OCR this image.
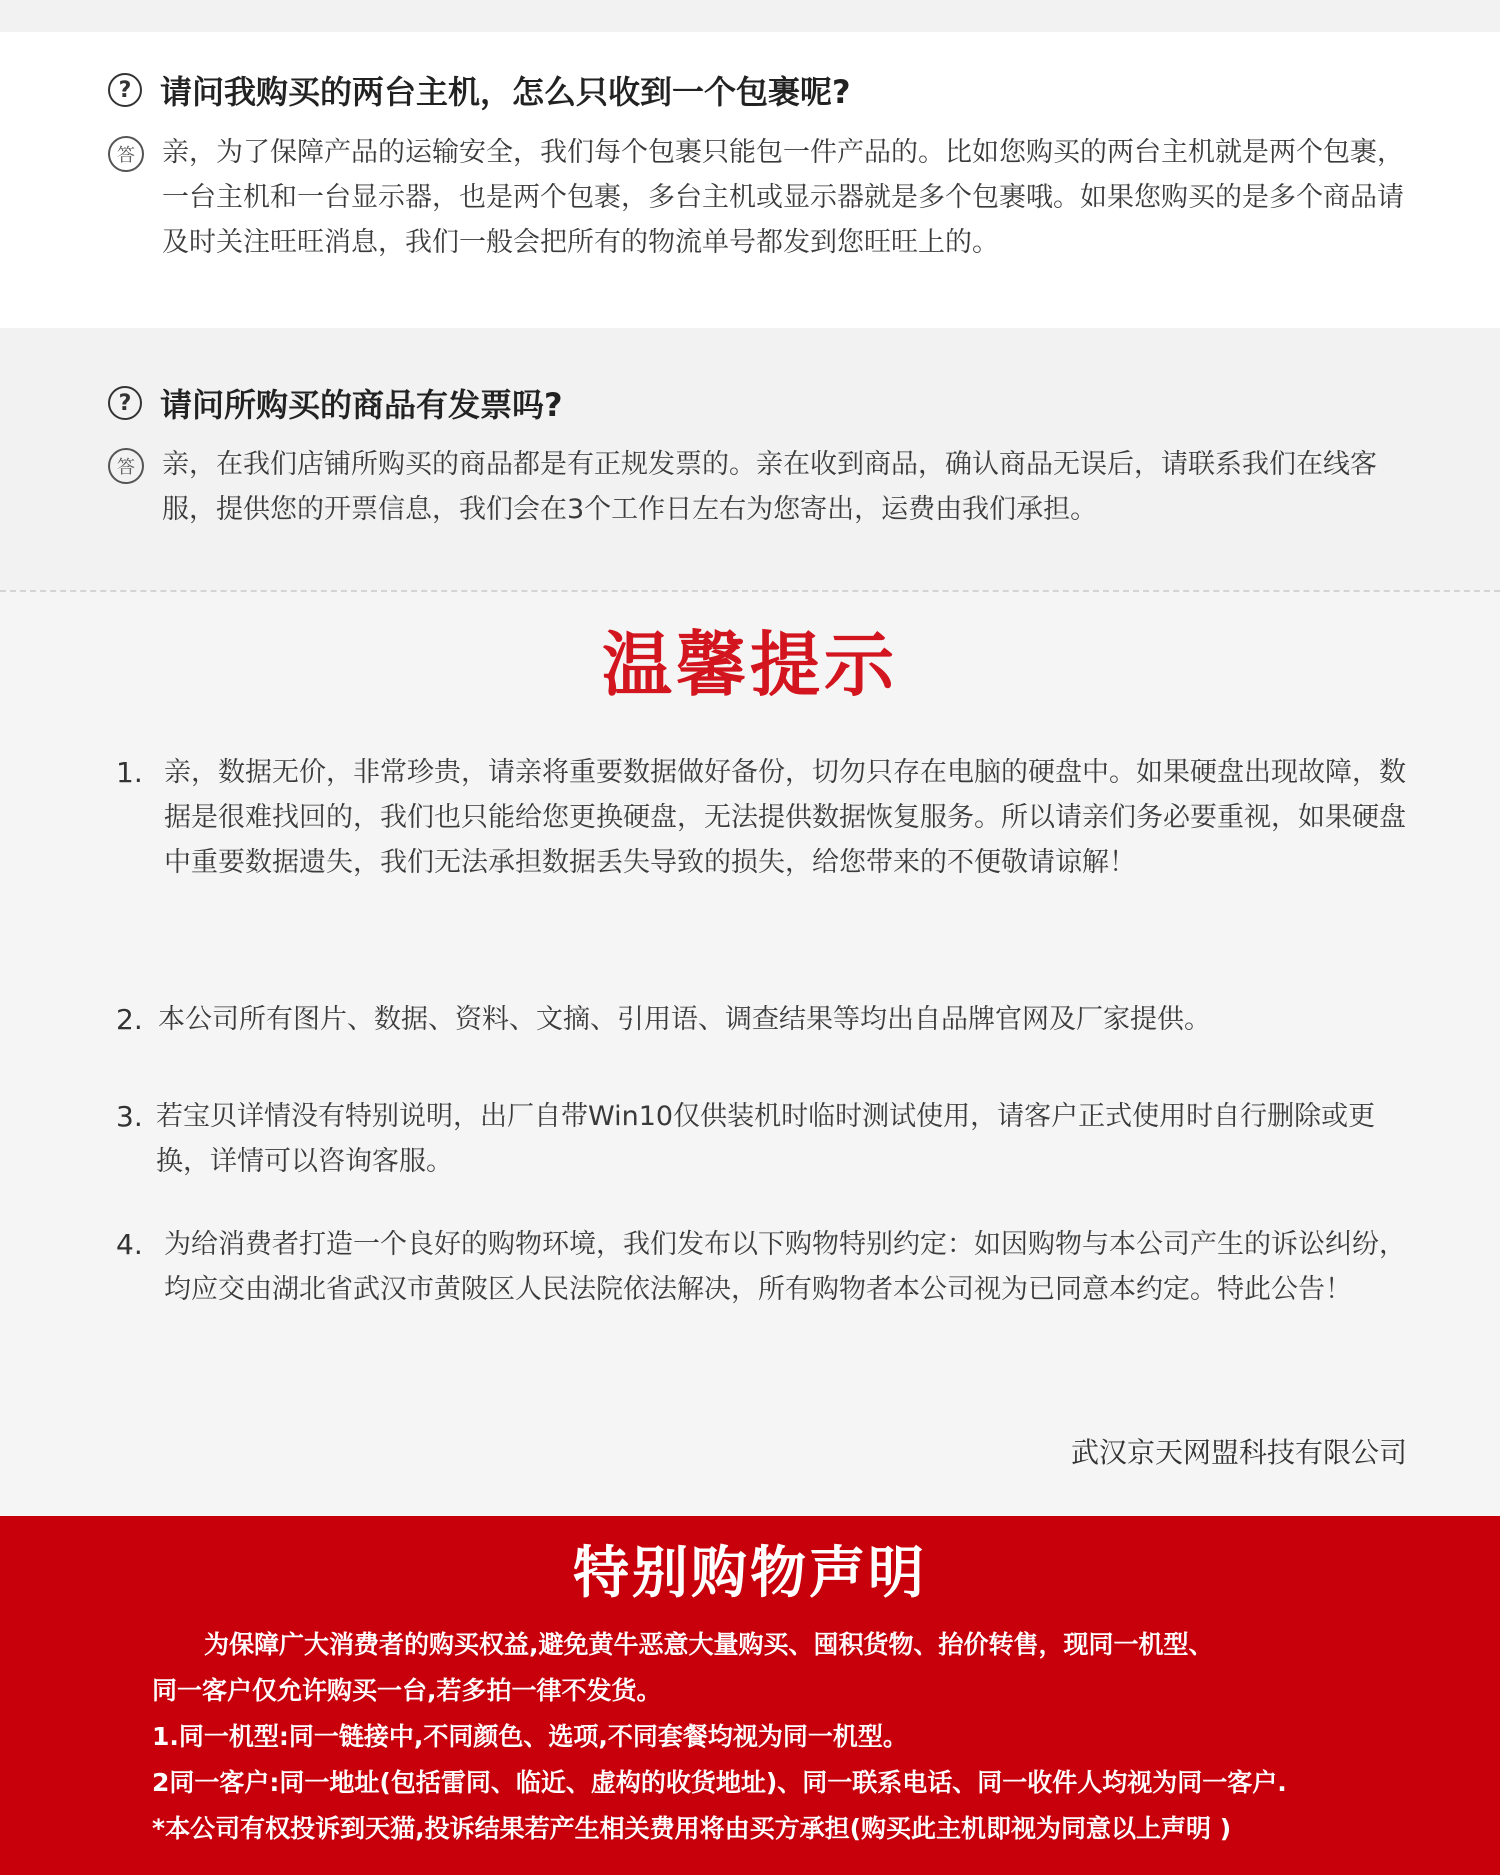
? 请问我购买的两台主机，怎么只收到一个包裹呢?
答	亲，为了保障产品的运输安全，我们每个包裹只能包一件产品的。比如您购买的两台主机就是两个包裹，一台主机和一台显示器，也是两个包裹，多台主机或显示器就是多个包裹哦。如果您购买的是多个商品请及时关注旺旺消息，我们一般会把所有的物流单号都发到您旺旺上的。
? 请问所购买的商品有发票吗?
答	亲，在我们店铺所购买的商品都是有正规发票的。亲在收到商品，确认商品无误后，请联系我们在线客服，提供您的开票信息，我们会在3个工作日左右为您寄出，运费由我们承担。
温馨提示
1. 亲，数据无价，非常珍贵，请亲将重要数据做好备份，切勿只存在电脑的硬盘中。如果硬盘出现故障，数据是很难找回的，我们也只能给您更换硬盘，无法提供数据恢复服务。所以请亲们务必要重视，如果硬盘中重要数据遗失，我们无法承担数据丢失导致的损失，给您带来的不便敬请谅解！
2. 本公司所有图片、数据、资料、文摘、引用语、调查结果等均出自品牌官网及厂家提供。
3. 若宝贝详情没有特别说明，出厂自带Win10仅供装机时临时测试使用，请客户正式使用时自行删除或更换，详情可以咨询客服。
4. 为给消费者打造一个良好的购物环境，我们发布以下购物特别约定：如因购物与本公司产生的诉讼纠纷，均应交由湖北省武汉市黄陂区人民法院依法解决，所有购物者本公司视为已同意本约定。特此公告！
武汉京天网盟科技有限公司
特别购物声明
为保障广大消费者的购买权益,避免黄牛恶意大量购买、囤积货物、抬价转售，现同一机型、
同一客户仅允许购买一台,若多拍一律不发货。
1.同一机型:同一链接中,不同颜色、选项,不同套餐均视为同一机型。
2同一客户:同一地址(包括雷同、临近、虚构的收货地址)、同一联系电话、同一收件人均视为同一客户.
*本公司有权投诉到天猫,投诉结果若产生相关费用将由买方承担(购买此主机即视为同意以上声明 )
